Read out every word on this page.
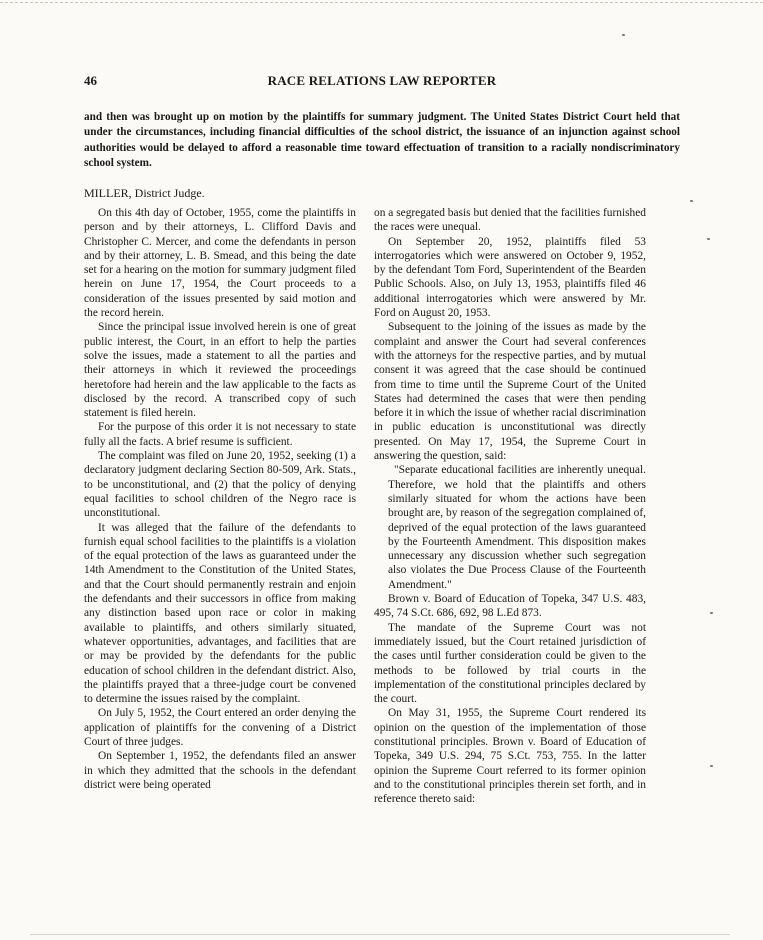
46	RACE RELATIONS LAW REPORTER
and then was brought up on motion by the plaintiffs for summary judgment. The United States District Court held that under the circumstances, including financial difficulties of the school district, the issuance of an injunction against school authorities would be delayed to afford a reasonable time toward effectuation of transition to a racially nondiscriminatory school system.
MILLER, District Judge.

On this 4th day of October, 1955, come the plaintiffs in person and by their attorneys, L. Clifford Davis and Christopher C. Mercer, and come the defendants in person and by their attorney, L. B. Smead, and this being the date set for a hearing on the motion for summary judgment filed herein on June 17, 1954, the Court proceeds to a consideration of the issues presented by said motion and the record herein.

Since the principal issue involved herein is one of great public interest, the Court, in an effort to help the parties solve the issues, made a statement to all the parties and their attorneys in which it reviewed the proceedings heretofore had herein and the law applicable to the facts as disclosed by the record. A transcribed copy of such statement is filed herein.

For the purpose of this order it is not necessary to state fully all the facts. A brief resume is sufficient.

The complaint was filed on June 20, 1952, seeking (1) a declaratory judgment declaring Section 80-509, Ark. Stats., to be unconstitutional, and (2) that the policy of denying equal facilities to school children of the Negro race is unconstitutional.

It was alleged that the failure of the defendants to furnish equal school facilities to the plaintiffs is a violation of the equal protection of the laws as guaranteed under the 14th Amendment to the Constitution of the United States, and that the Court should permanently restrain and enjoin the defendants and their successors in office from making any distinction based upon race or color in making available to plaintiffs, and others similarly situated, whatever opportunities, advantages, and facilities that are or may be provided by the defendants for the public education of school children in the defendant district. Also, the plaintiffs prayed that a three-judge court be convened to determine the issues raised by the complaint.

On July 5, 1952, the Court entered an order denying the application of plaintiffs for the convening of a District Court of three judges.

On September 1, 1952, the defendants filed an answer in which they admitted that the schools in the defendant district were being operated

on a segregated basis but denied that the facilities furnished the races were unequal.

On September 20, 1952, plaintiffs filed 53 interrogatories which were answered on October 9, 1952, by the defendant Tom Ford, Superintendent of the Bearden Public Schools. Also, on July 13, 1953, plaintiffs filed 46 additional interrogatories which were answered by Mr. Ford on August 20, 1953.

Subsequent to the joining of the issues as made by the complaint and answer the Court had several conferences with the attorneys for the respective parties, and by mutual consent it was agreed that the case should be continued from time to time until the Supreme Court of the United States had determined the cases that were then pending before it in which the issue of whether racial discrimination in public education is unconstitutional was directly presented. On May 17, 1954, the Supreme Court in answering the question, said:

"Separate educational facilities are inherently unequal. Therefore, we hold that the plaintiffs and others similarly situated for whom the actions have been brought are, by reason of the segregation complained of, deprived of the equal protection of the laws guaranteed by the Fourteenth Amendment. This disposition makes unnecessary any discussion whether such segregation also violates the Due Process Clause of the Fourteenth Amendment."

Brown v. Board of Education of Topeka, 347 U.S. 483, 495, 74 S.Ct. 686, 692, 98 L.Ed 873.

The mandate of the Supreme Court was not immediately issued, but the Court retained jurisdiction of the cases until further consideration could be given to the methods to be followed by trial courts in the implementation of the constitutional principles declared by the court.

On May 31, 1955, the Supreme Court rendered its opinion on the question of the implementation of those constitutional principles. Brown v. Board of Education of Topeka, 349 U.S. 294, 75 S.Ct. 753, 755. In the latter opinion the Supreme Court referred to its former opinion and to the constitutional principles therein set forth, and in reference thereto said:
